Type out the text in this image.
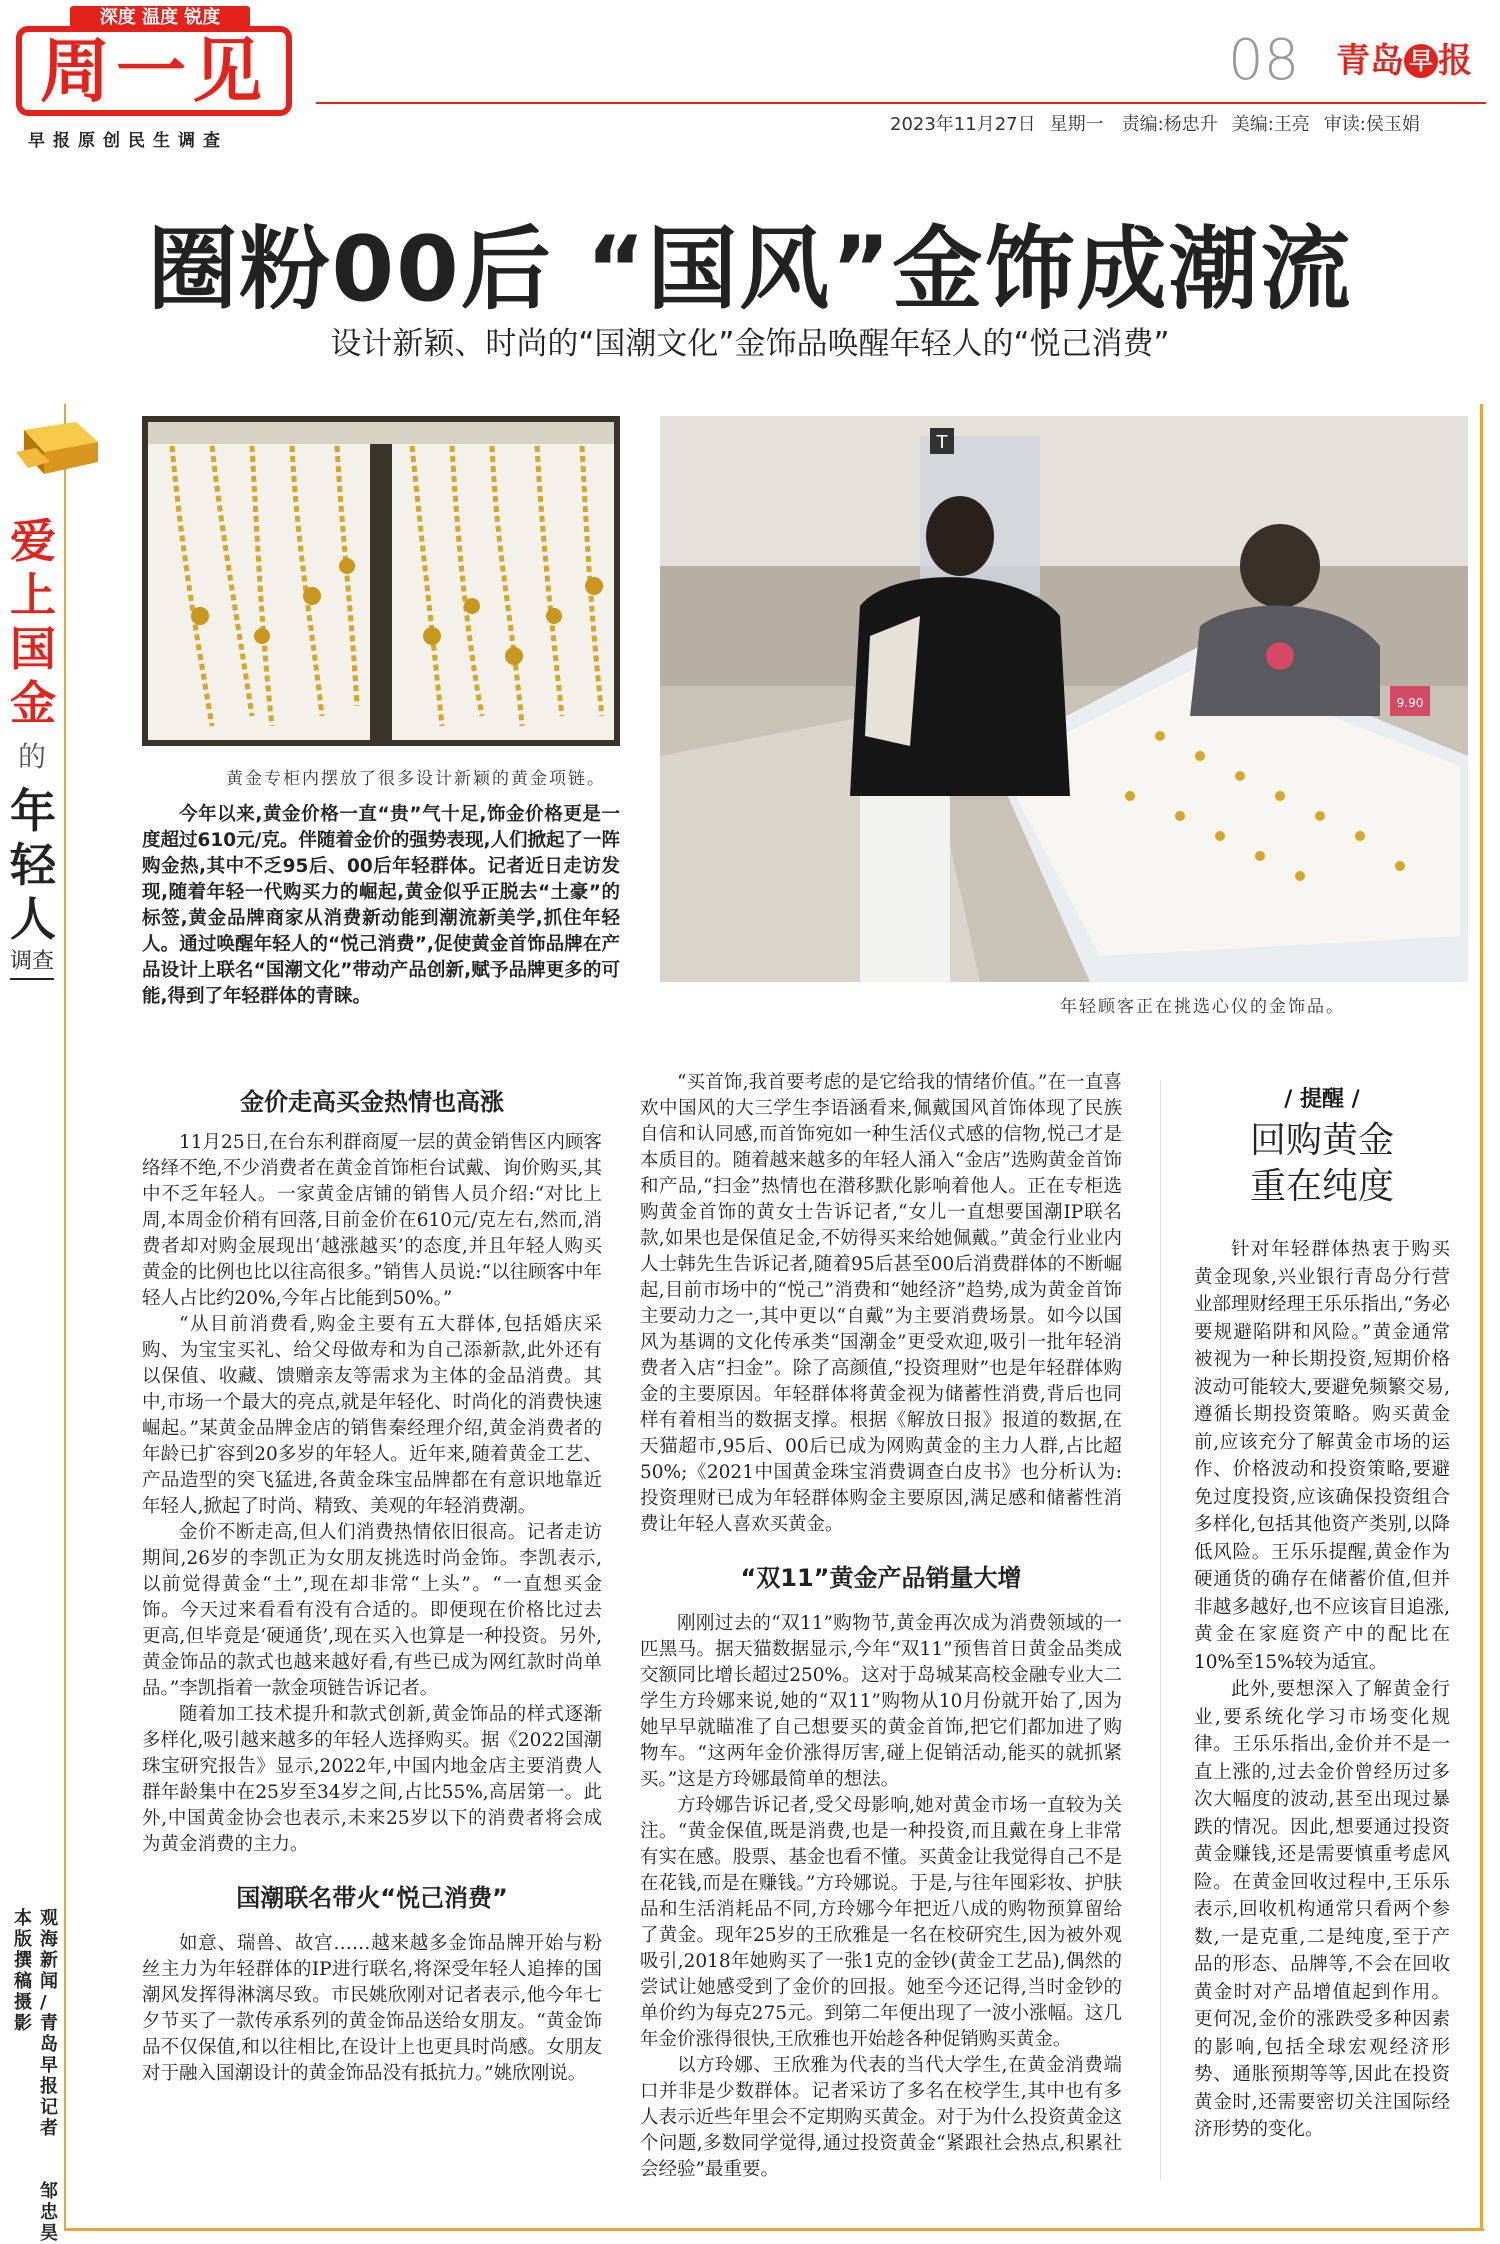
深度 温度 锐度
周一见
早报原创民生调查
08 青岛 早 报
2023年11月27日 星期一 责编:杨忠升 美编:王亮 审读:侯玉娟
圈粉00后 “国风”金饰成潮流
设计新颖、时尚的“国潮文化”金饰品唤醒年轻人的“悦己消费”
爱
上
国
金
的
年
轻
人
调查
本
版
撰
稿
摄
影
观
海
新
闻
/
青
岛
早
报
记
者

邹
忠
昊
黄金专柜内摆放了很多设计新颖的黄金项链。
T
9.90
年轻顾客正在挑选心仪的金饰品。

今年以来,黄金价格一直“贵”气十足,饰金价格更是一度超过610元/克。伴随着金价的强势表现,人们掀起了一阵购金热,其中不乏95后、00后年轻群体。记者近日走访发现,随着年轻一代购买力的崛起,黄金似乎正脱去“土豪”的标签,黄金品牌商家从消费新动能到潮流新美学,抓住年轻人。通过唤醒年轻人的“悦己消费”,促使黄金首饰品牌在产品设计上联名“国潮文化”带动产品创新,赋予品牌更多的可能,得到了年轻群体的青睐。

金价走高买金热情也高涨

11月25日,在台东利群商厦一层的黄金销售区内顾客络绎不绝,不少消费者在黄金首饰柜台试戴、询价购买,其中不乏年轻人。一家黄金店铺的销售人员介绍:“对比上周,本周金价稍有回落,目前金价在610元/克左右,然而,消费者却对购金展现出‘越涨越买’的态度,并且年轻人购买黄金的比例也比以往高很多。”销售人员说:“以往顾客中年轻人占比约20%,今年占比能到50%。”

“从目前消费看,购金主要有五大群体,包括婚庆采购、为宝宝买礼、给父母做寿和为自己添新款,此外还有以保值、收藏、馈赠亲友等需求为主体的金品消费。其中,市场一个最大的亮点,就是年轻化、时尚化的消费快速崛起。”某黄金品牌金店的销售秦经理介绍,黄金消费者的年龄已扩容到20多岁的年轻人。近年来,随着黄金工艺、产品造型的突飞猛进,各黄金珠宝品牌都在有意识地靠近年轻人,掀起了时尚、精致、美观的年轻消费潮。

金价不断走高,但人们消费热情依旧很高。记者走访期间,26岁的李凯正为女朋友挑选时尚金饰。李凯表示,以前觉得黄金“土”,现在却非常“上头”。“一直想买金饰。今天过来看看有没有合适的。即便现在价格比过去更高,但毕竟是‘硬通货’,现在买入也算是一种投资。另外,黄金饰品的款式也越来越好看,有些已成为网红款时尚单品。”李凯指着一款金项链告诉记者。

随着加工技术提升和款式创新,黄金饰品的样式逐渐多样化,吸引越来越多的年轻人选择购买。据《2022国潮珠宝研究报告》显示,2022年,中国内地金店主要消费人群年龄集中在25岁至34岁之间,占比55%,高居第一。此外,中国黄金协会也表示,未来25岁以下的消费者将会成为黄金消费的主力。

国潮联名带火“悦己消费”

如意、瑞兽、故宫……越来越多金饰品牌开始与粉丝主力为年轻群体的IP进行联名,将深受年轻人追捧的国潮风发挥得淋漓尽致。市民姚欣刚对记者表示,他今年七夕节买了一款传承系列的黄金饰品送给女朋友。“黄金饰品不仅保值,和以往相比,在设计上也更具时尚感。女朋友对于融入国潮设计的黄金饰品没有抵抗力。”姚欣刚说。

“买首饰,我首要考虑的是它给我的情绪价值。”在一直喜欢中国风的大三学生李语涵看来,佩戴国风首饰体现了民族自信和认同感,而首饰宛如一种生活仪式感的信物,悦己才是本质目的。随着越来越多的年轻人涌入“金店”选购黄金首饰和产品,“扫金”热情也在潜移默化影响着他人。正在专柜选购黄金首饰的黄女士告诉记者,“女儿一直想要国潮IP联名款,如果也是保值足金,不妨得买来给她佩戴。”黄金行业业内人士韩先生告诉记者,随着95后甚至00后消费群体的不断崛起,目前市场中的“悦己”消费和“她经济”趋势,成为黄金首饰主要动力之一,其中更以“自戴”为主要消费场景。如今以国风为基调的文化传承类“国潮金”更受欢迎,吸引一批年轻消费者入店“扫金”。除了高颜值,“投资理财”也是年轻群体购金的主要原因。年轻群体将黄金视为储蓄性消费,背后也同样有着相当的数据支撑。根据《解放日报》报道的数据,在天猫超市,95后、00后已成为网购黄金的主力人群,占比超50%;《2021中国黄金珠宝消费调查白皮书》也分析认为:投资理财已成为年轻群体购金主要原因,满足感和储蓄性消费让年轻人喜欢买黄金。

“双11”黄金产品销量大增

刚刚过去的“双11”购物节,黄金再次成为消费领域的一匹黑马。据天猫数据显示,今年“双11”预售首日黄金品类成交额同比增长超过250%。这对于岛城某高校金融专业大二学生方玲娜来说,她的“双11”购物从10月份就开始了,因为她早早就瞄准了自己想要买的黄金首饰,把它们都加进了购物车。“这两年金价涨得厉害,碰上促销活动,能买的就抓紧买。”这是方玲娜最简单的想法。

方玲娜告诉记者,受父母影响,她对黄金市场一直较为关注。“黄金保值,既是消费,也是一种投资,而且戴在身上非常有实在感。股票、基金也看不懂。买黄金让我觉得自己不是在花钱,而是在赚钱。”方玲娜说。于是,与往年囤彩妆、护肤品和生活消耗品不同,方玲娜今年把近八成的购物预算留给了黄金。现年25岁的王欣雅是一名在校研究生,因为被外观吸引,2018年她购买了一张1克的金钞(黄金工艺品),偶然的尝试让她感受到了金价的回报。她至今还记得,当时金钞的单价约为每克275元。到第二年便出现了一波小涨幅。这几年金价涨得很快,王欣雅也开始趁各种促销购买黄金。

以方玲娜、王欣雅为代表的当代大学生,在黄金消费端口并非是少数群体。记者采访了多名在校学生,其中也有多人表示近些年里会不定期购买黄金。对于为什么投资黄金这个问题,多数同学觉得,通过投资黄金“紧跟社会热点,积累社会经验”最重要。

/ 提醒 /
回购黄金
重在纯度

针对年轻群体热衷于购买黄金现象,兴业银行青岛分行营业部理财经理王乐乐指出,“务必要规避陷阱和风险。”黄金通常被视为一种长期投资,短期价格波动可能较大,要避免频繁交易,遵循长期投资策略。购买黄金前,应该充分了解黄金市场的运作、价格波动和投资策略,要避免过度投资,应该确保投资组合多样化,包括其他资产类别,以降低风险。王乐乐提醒,黄金作为硬通货的确存在储蓄价值,但并非越多越好,也不应该盲目追涨,黄金在家庭资产中的配比在10%至15%较为适宜。

此外,要想深入了解黄金行业,要系统化学习市场变化规律。王乐乐指出,金价并不是一直上涨的,过去金价曾经历过多次大幅度的波动,甚至出现过暴跌的情况。因此,想要通过投资黄金赚钱,还是需要慎重考虑风险。在黄金回收过程中,王乐乐表示,回收机构通常只看两个参数,一是克重,二是纯度,至于产品的形态、品牌等,不会在回收黄金时对产品增值起到作用。更何况,金价的涨跌受多种因素的影响,包括全球宏观经济形势、通胀预期等等,因此在投资黄金时,还需要密切关注国际经济形势的变化。
